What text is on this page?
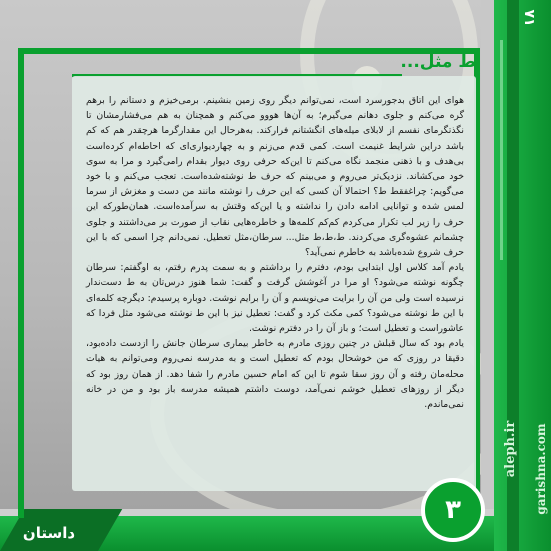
ط مثل...

هوای این اتاق بدجورسرد است، نمی‌توانم دیگر روی زمین بنشینم. برمی‌خیزم و دستانم را برهم گره می‌کنم و جلوی دهانم می‌گیرم؛ به آن‌ها هووو می‌کنم و همچنان به هم می‌فشارمشان تا نگذتگرمای نفسم از لابلای میله‌های انگشتانم فرارکند. به‌هرحال این مقدارگرما هرچقدر هم که کم باشد دراین شرایط غنیمت است. کمی قدم می‌زنم و به چهاردیواری‌ای که احاطه‌ام کرده‌است بی‌هدف و با ذهنی منجمد نگاه می‌کنم تا این‌که حرفی روی دیوار بقدام رامی‌گیرد و مرا به سوی خود می‌کشاند. نزدیک‌تر می‌روم و می‌بینم که حرف ط نوشته‌شده‌است. تعجب می‌کنم و با خود می‌گویم: چراغفقط ط؟ احتمالا آن کسی که این حرف را نوشته مانند من دست و مغزش از سرما لمس شده و توانایی ادامه دادن را نداشته و یا این‌که وقتش به سرآمده‌است. همان‌طورکه این حرف را زیر لب تکرار می‌کردم کم‌کم کلمه‌ها و خاطره‌هایی نقاب از صورت بر می‌داشتند و جلوی چشمانم عشوه‌گری می‌کردند. ط،ط،ط مثل... سرطان،مثل تعطیل. نمی‌دانم چرا اسمی که با این حرف شروع شده‌باشد به خاطرم نمی‌آید؟

یادم آمد کلاس اول ابتدایی بودم، دفترم را برداشتم و به سمت پدرم رفتم، به اوگفتم: سرطان چگونه نوشته می‌شود؟ او مرا در آغوشش گرفت و گفت: شما هنوز درس‌تان به ط دست‌ندار نرسیده است ولی من آن را برایت می‌نویسم و آن را برایم نوشت. دوباره پرسیدم: دیگرچه کلمه‌ای با این ط نوشته می‌شود؟ کمی مکث کرد و گفت: تعطیل نیز با این ط نوشته می‌شود مثل فردا که عاشوراست و تعطیل است؛ و باز آن را در دفترم نوشت.

یادم بود که سال قبلش در چنین روزی مادرم به خاطر بیماری سرطان جانش را ازدست داده‌بود، دقیقا در روزی که من خوشحال بودم که تعطیل است و به مدرسه نمی‌روم ومی‌توانم به هیات محله‌مان رفته و آن روز سقا شوم تا این که امام حسین مادرم را شفا دهد. از همان روز بود که دیگر از روزهای تعطیل خوشم نمی‌آمد، دوست داشتم همیشه مدرسه باز بود و من در خانه نمی‌ماندم.

۳
داستان
۷۱
aleph.ir garishna.com
